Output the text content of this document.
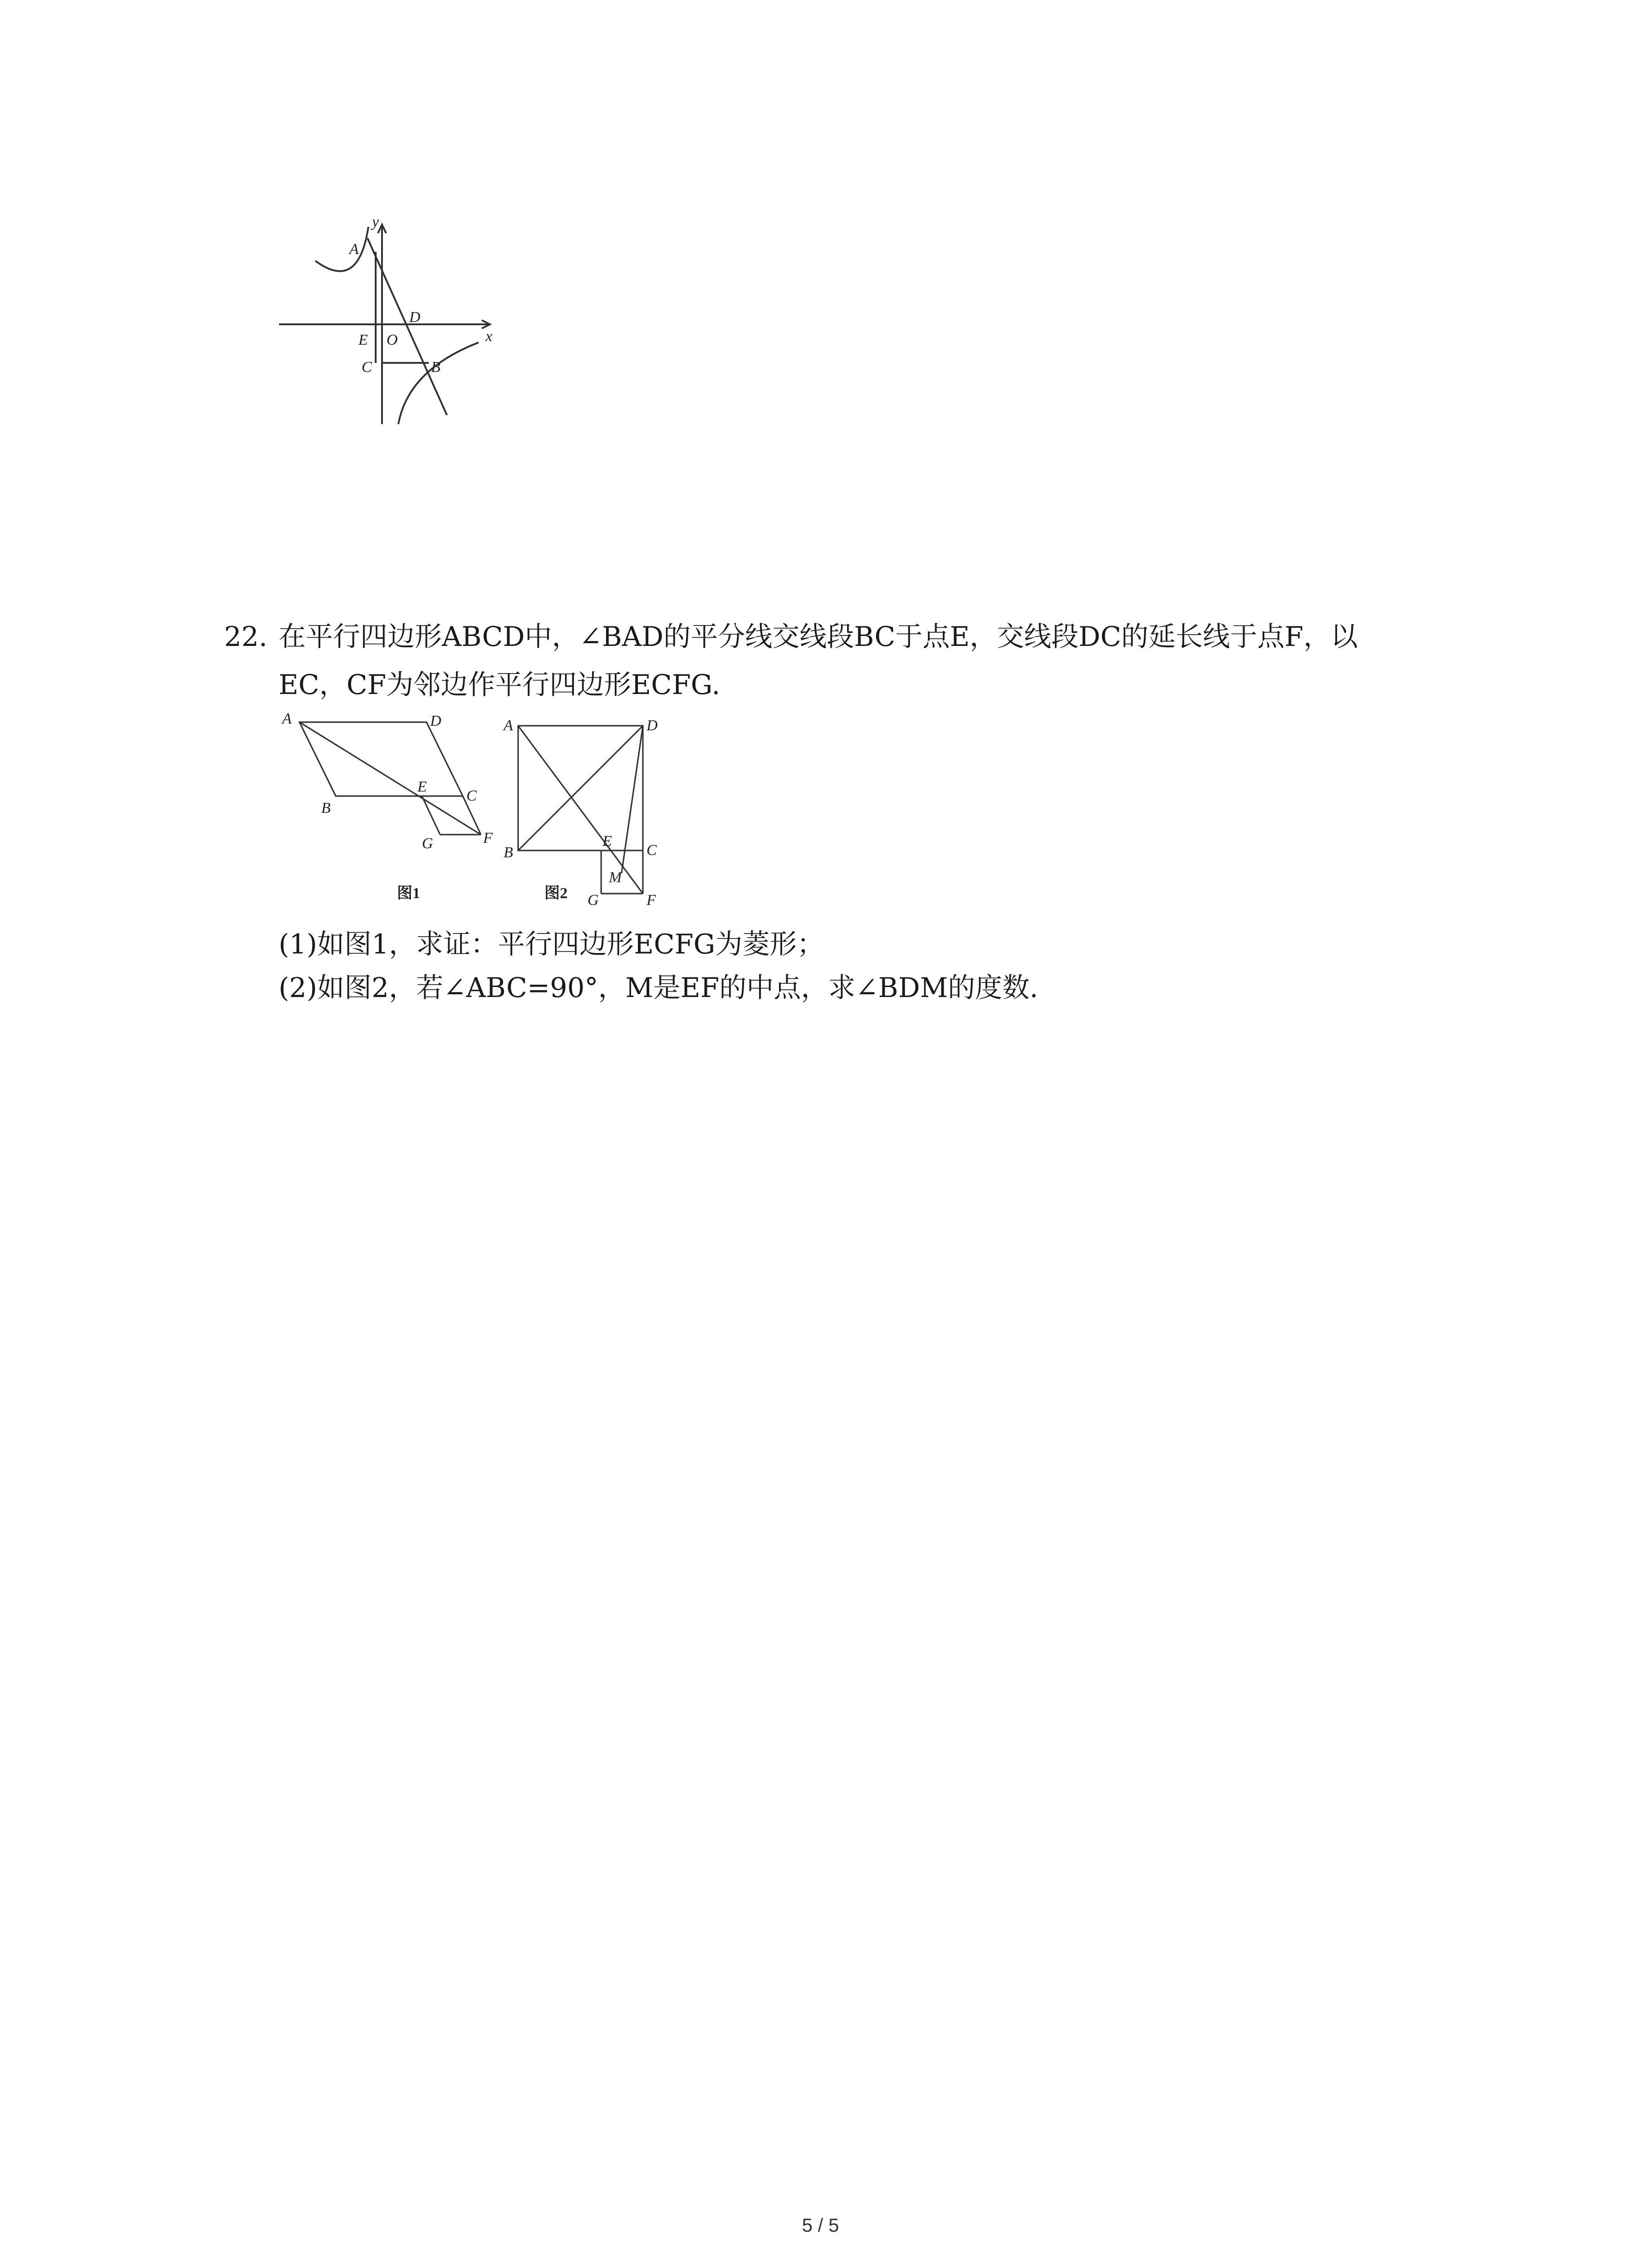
y
x
A
D
E O
C	B
22. 在平行四边形ABCD中，∠BAD的平分线交线段BC于点E，交线段DC的延长线于点F，以
EC，CF为邻边作平行四边形ECFG.
A	D
B
E
C
G	F
图1
A	D
B
E
C
M
G	F
图2
(1)如图1，求证：平行四边形ECFG为菱形；
(2)如图2，若∠ABC=90°，M是EF的中点，求∠BDM的度数.
5 / 5
